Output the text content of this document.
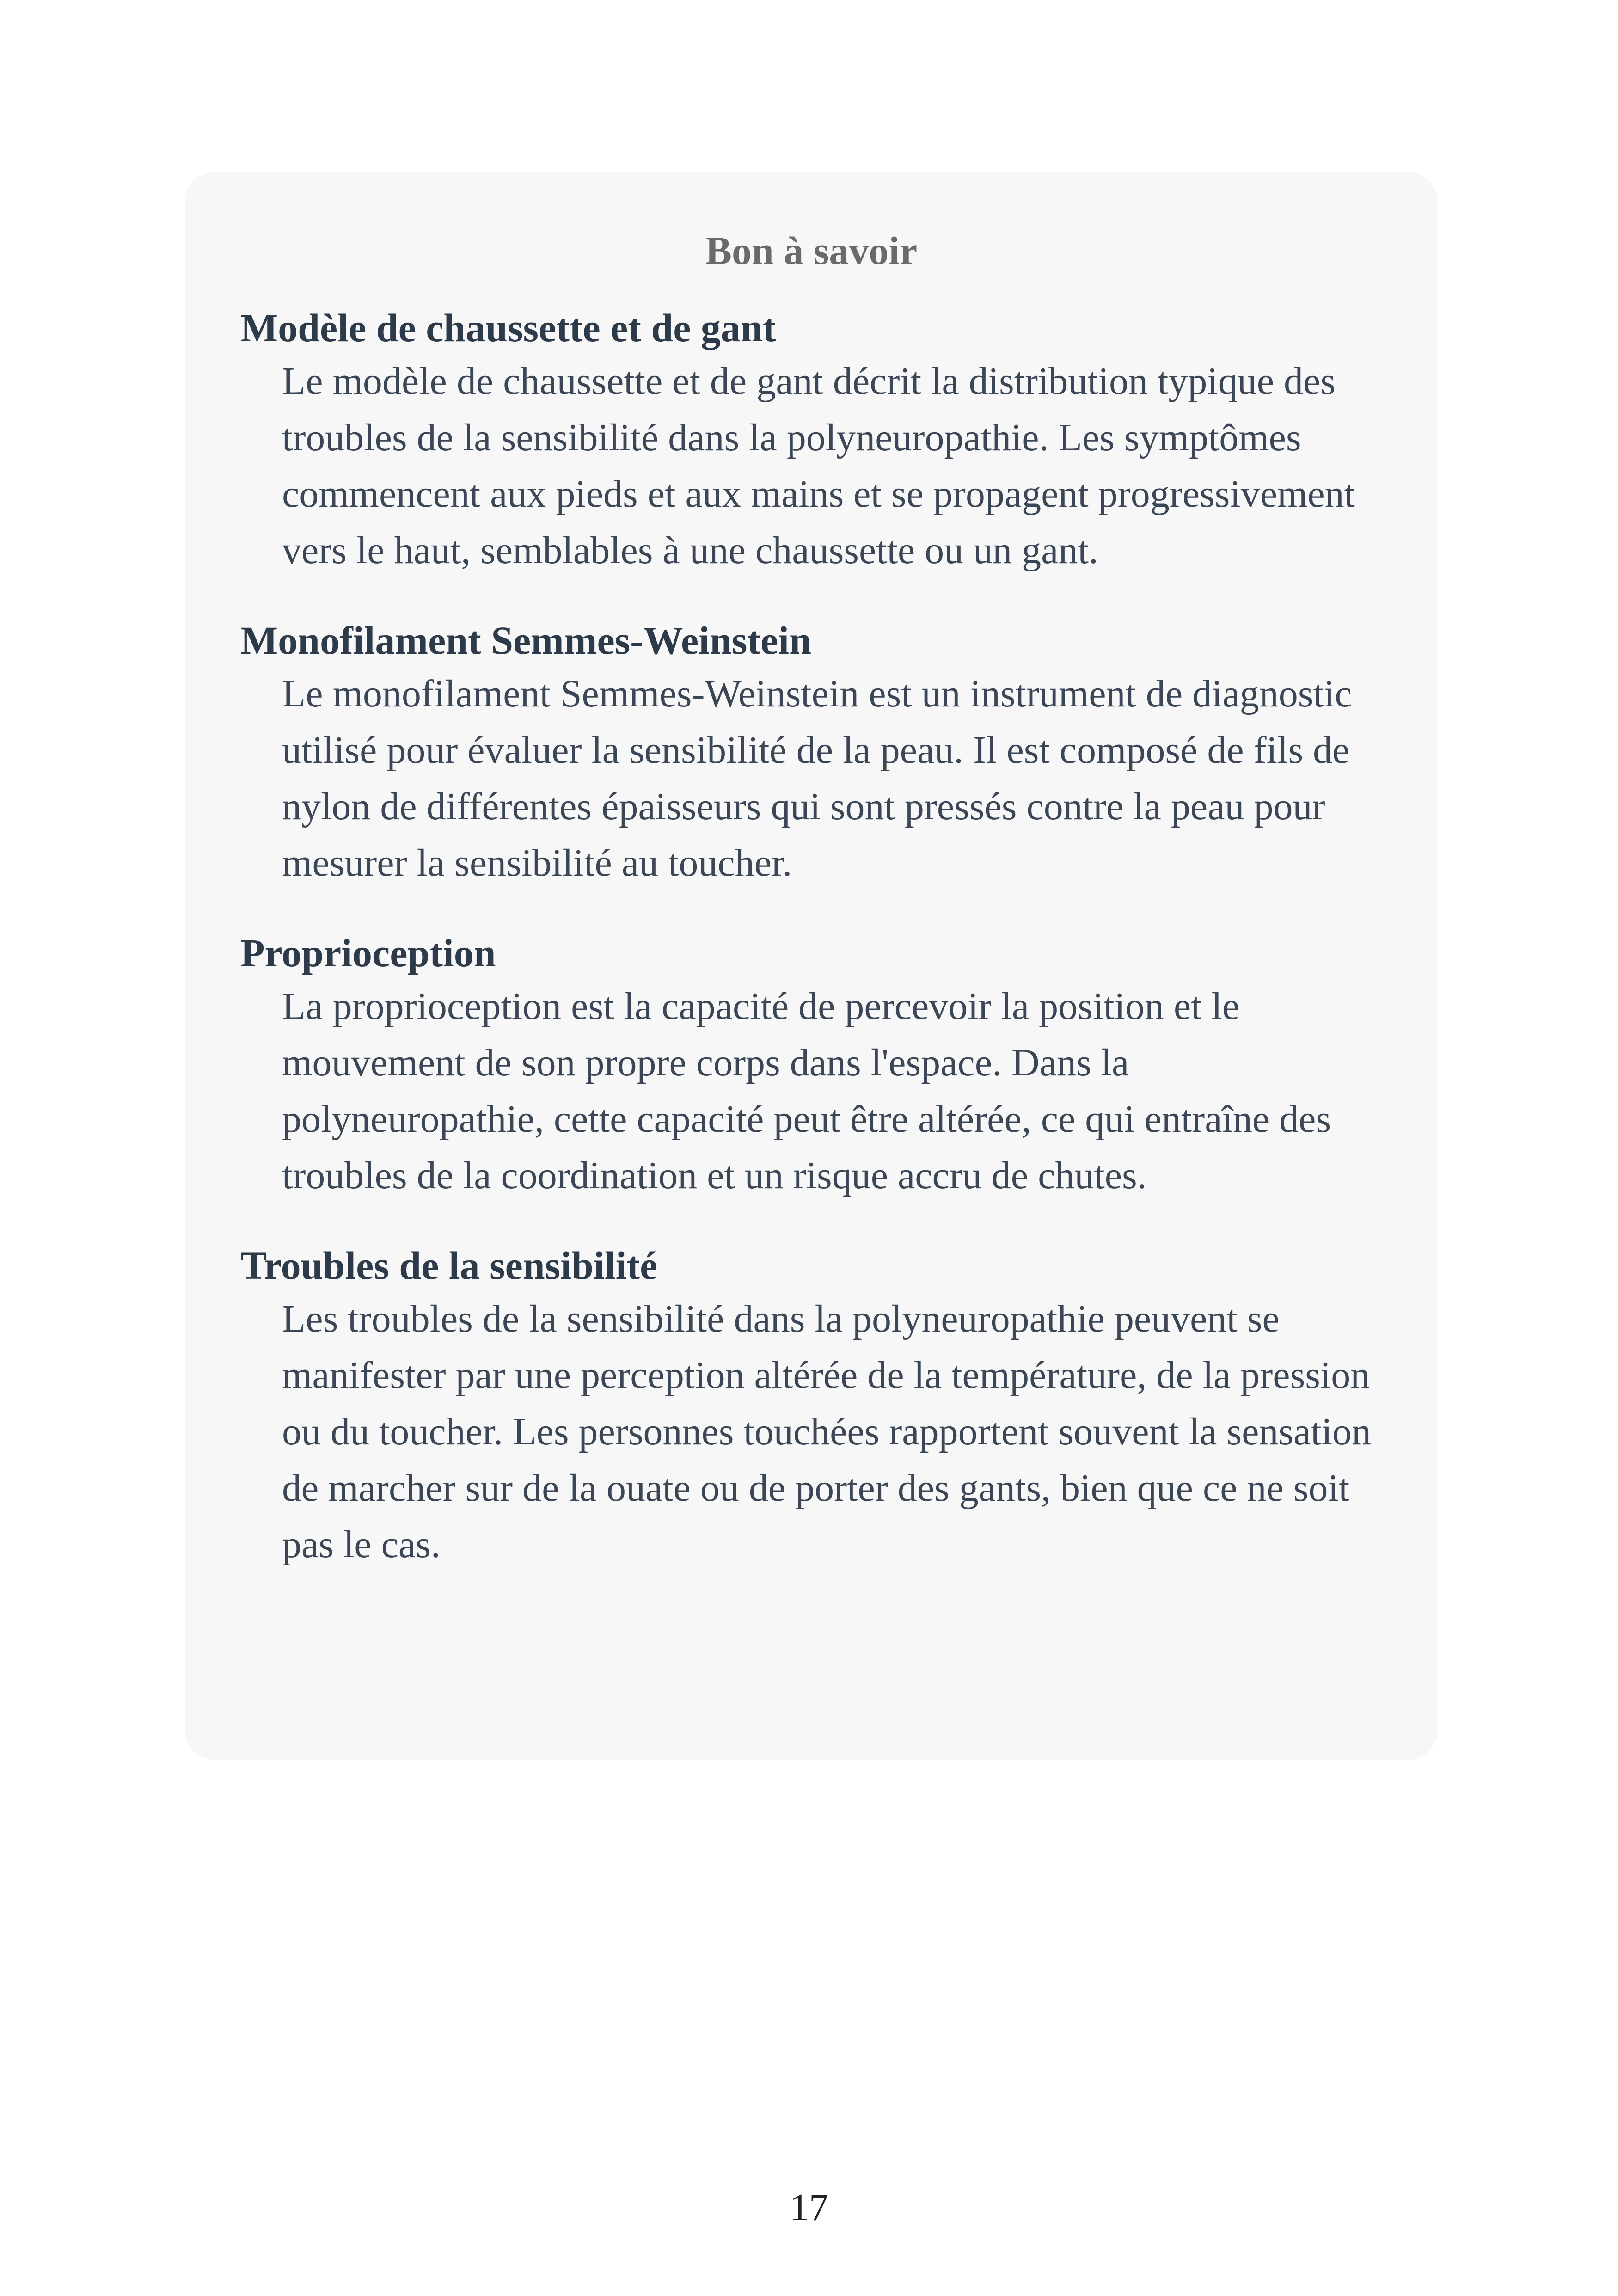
Bon à savoir
Modèle de chaussette et de gant
Le modèle de chaussette et de gant décrit la distribution typique des troubles de la sensibilité dans la polyneuropathie. Les symptômes commencent aux pieds et aux mains et se propagent progressivement vers le haut, semblables à une chaussette ou un gant.
Monofilament Semmes-Weinstein
Le monofilament Semmes-Weinstein est un instrument de diagnostic utilisé pour évaluer la sensibilité de la peau. Il est composé de fils de nylon de différentes épaisseurs qui sont pressés contre la peau pour mesurer la sensibilité au toucher.
Proprioception
La proprioception est la capacité de percevoir la position et le mouvement de son propre corps dans l'espace. Dans la polyneuropathie, cette capacité peut être altérée, ce qui entraîne des troubles de la coordination et un risque accru de chutes.
Troubles de la sensibilité
Les troubles de la sensibilité dans la polyneuropathie peuvent se manifester par une perception altérée de la température, de la pression ou du toucher. Les personnes touchées rapportent souvent la sensation de marcher sur de la ouate ou de porter des gants, bien que ce ne soit pas le cas.
17
